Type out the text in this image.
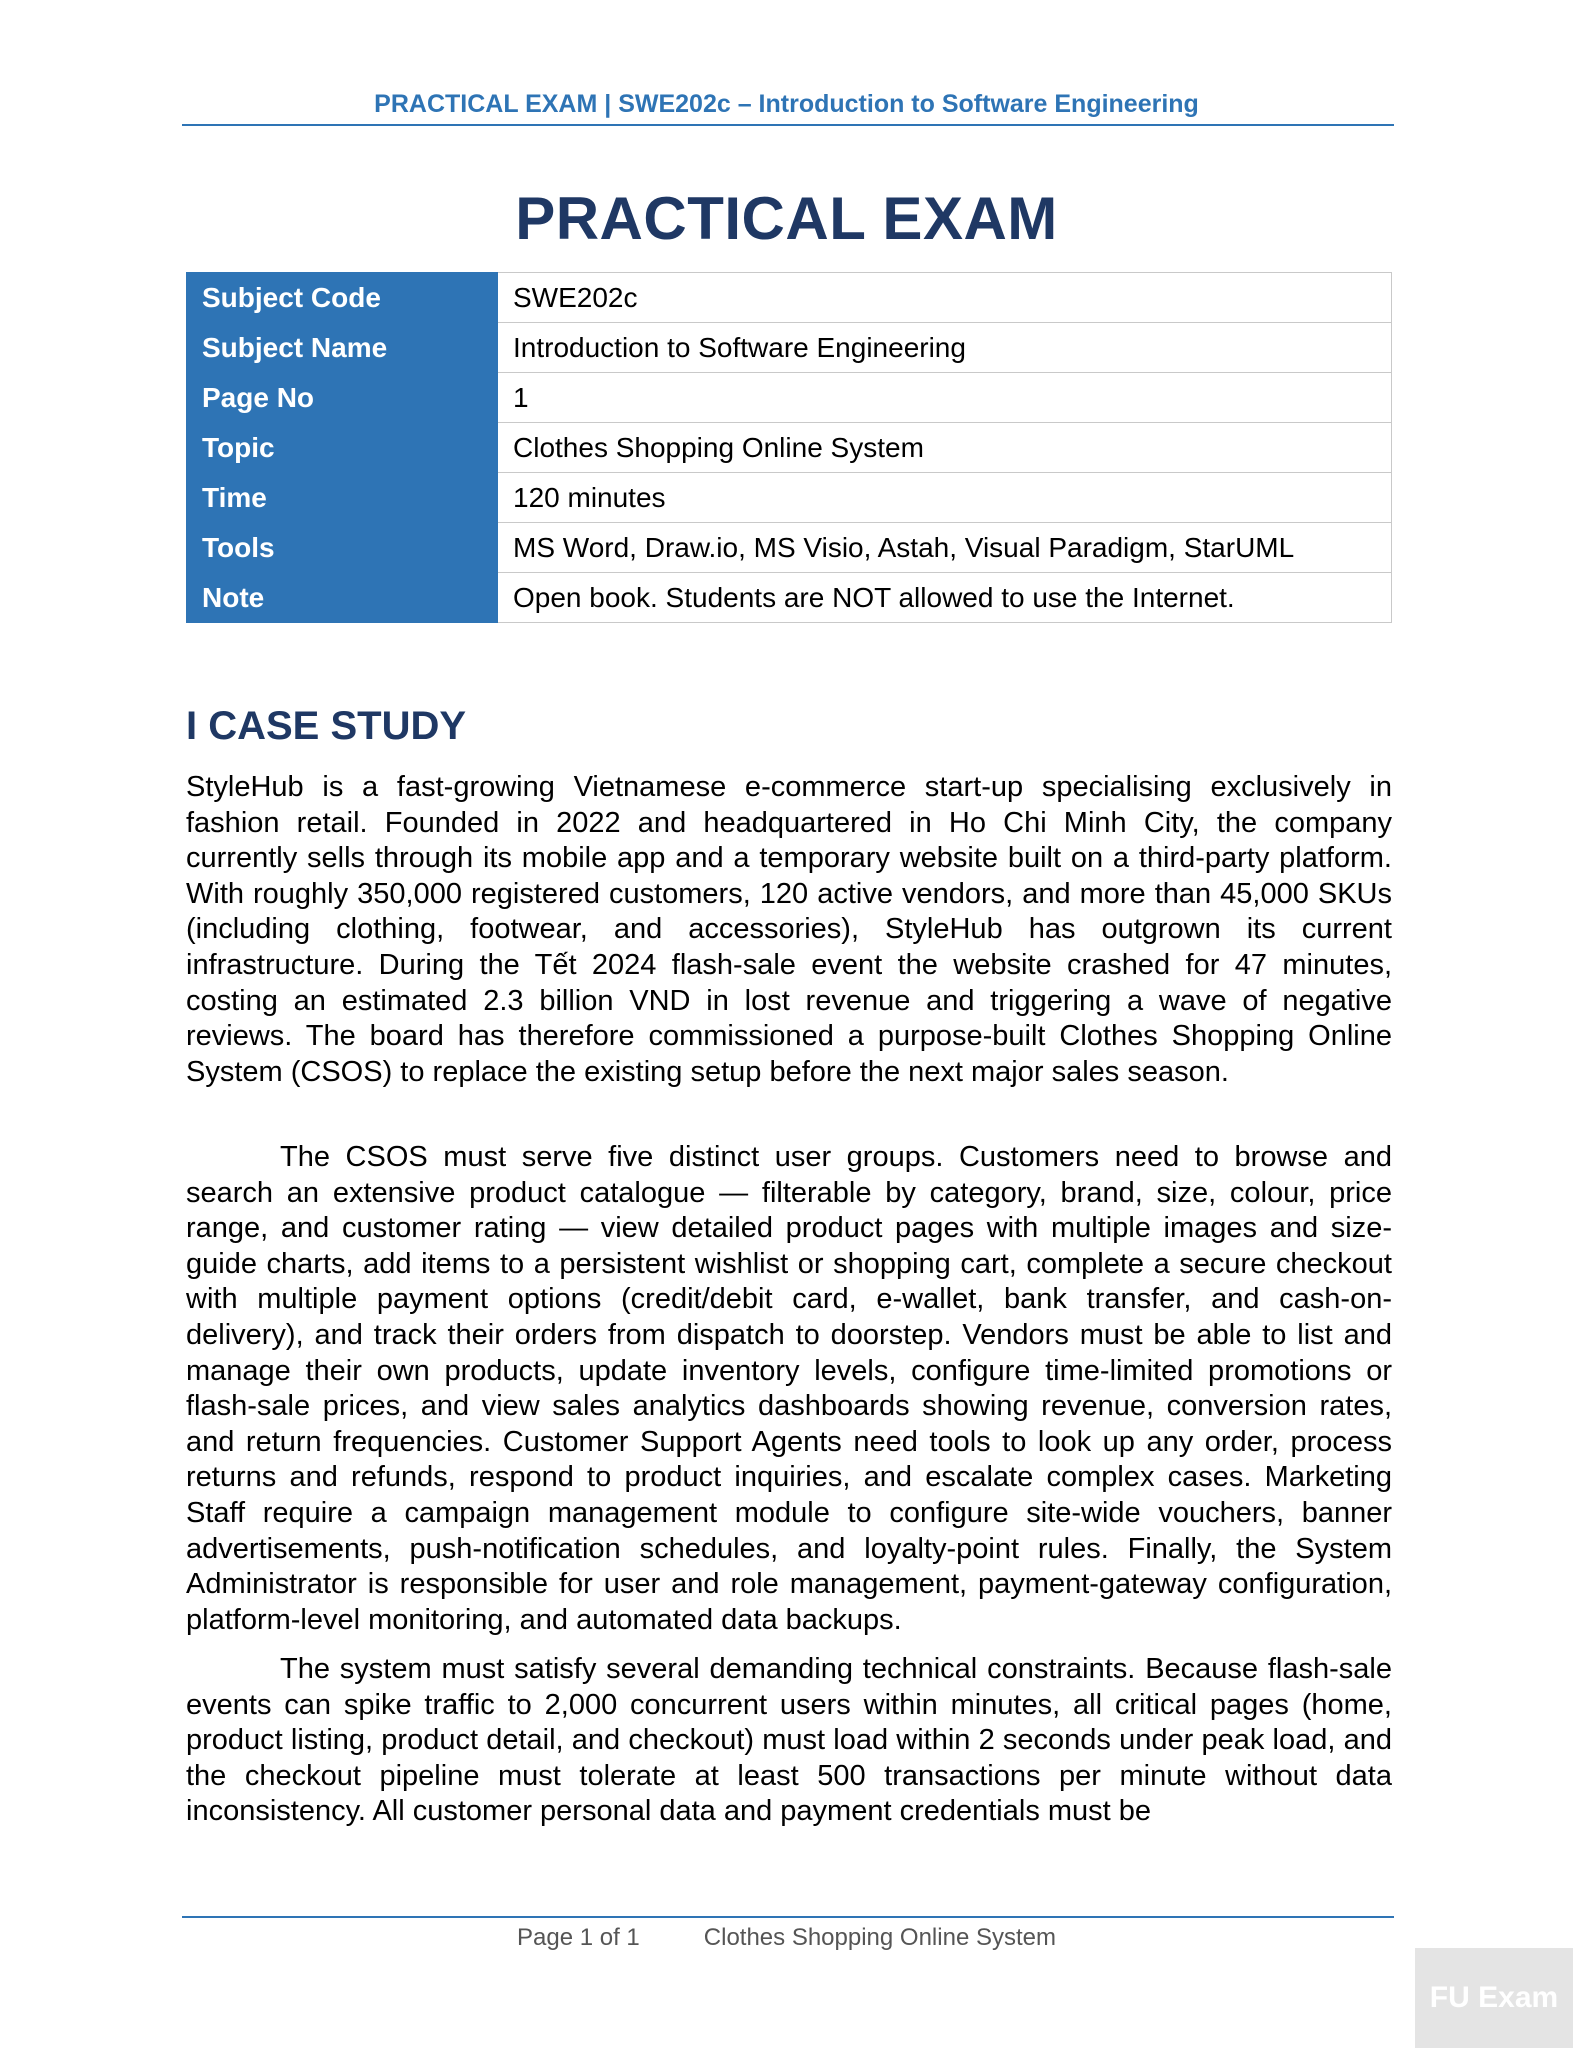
PRACTICAL EXAM | SWE202c – Introduction to Software Engineering
PRACTICAL EXAM
Subject Code	SWE202c
Subject Name	Introduction to Software Engineering
Page No	1
Topic	Clothes Shopping Online System
Time	120 minutes
Tools	MS Word, Draw.io, MS Visio, Astah, Visual Paradigm, StarUML
Note	Open book. Students are NOT allowed to use the Internet.
I CASE STUDY

StyleHub is a fast-growing Vietnamese e-commerce start-up specialising exclusively in fashion retail. Founded in 2022 and headquartered in Ho Chi Minh City, the company currently sells through its mobile app and a temporary website built on a third-party platform. With roughly 350,000 registered customers, 120 active vendors, and more than 45,000 SKUs (including clothing, footwear, and accessories), StyleHub has outgrown its current infrastructure. During the Tết 2024 flash-sale event the website crashed for 47 minutes, costing an estimated 2.3 billion VND in lost revenue and triggering a wave of negative reviews. The board has therefore commissioned a purpose-built Clothes Shopping Online System (CSOS) to replace the existing setup before the next major sales season.

The CSOS must serve five distinct user groups. Customers need to browse and search an extensive product catalogue — filterable by category, brand, size, colour, price range, and customer rating — view detailed product pages with multiple images and size-guide charts, add items to a persistent wishlist or shopping cart, complete a secure checkout with multiple payment options (credit/debit card, e-wallet, bank transfer, and cash-on-delivery), and track their orders from dispatch to doorstep. Vendors must be able to list and manage their own products, update inventory levels, configure time-limited promotions or flash-sale prices, and view sales analytics dashboards showing revenue, conversion rates, and return frequencies. Customer Support Agents need tools to look up any order, process returns and refunds, respond to product inquiries, and escalate complex cases. Marketing Staff require a campaign management module to configure site-wide vouchers, banner advertisements, push-notification schedules, and loyalty-point rules. Finally, the System Administrator is responsible for user and role management, payment-gateway configuration, platform-level monitoring, and automated data backups.

The system must satisfy several demanding technical constraints. Because flash-sale events can spike traffic to 2,000 concurrent users within minutes, all critical pages (home, product listing, product detail, and checkout) must load within 2 seconds under peak load, and the checkout pipeline must tolerate at least 500 transactions per minute without data inconsistency. All customer personal data and payment credentials must be

Page 1 of 1	Clothes Shopping Online System
FU Exam
